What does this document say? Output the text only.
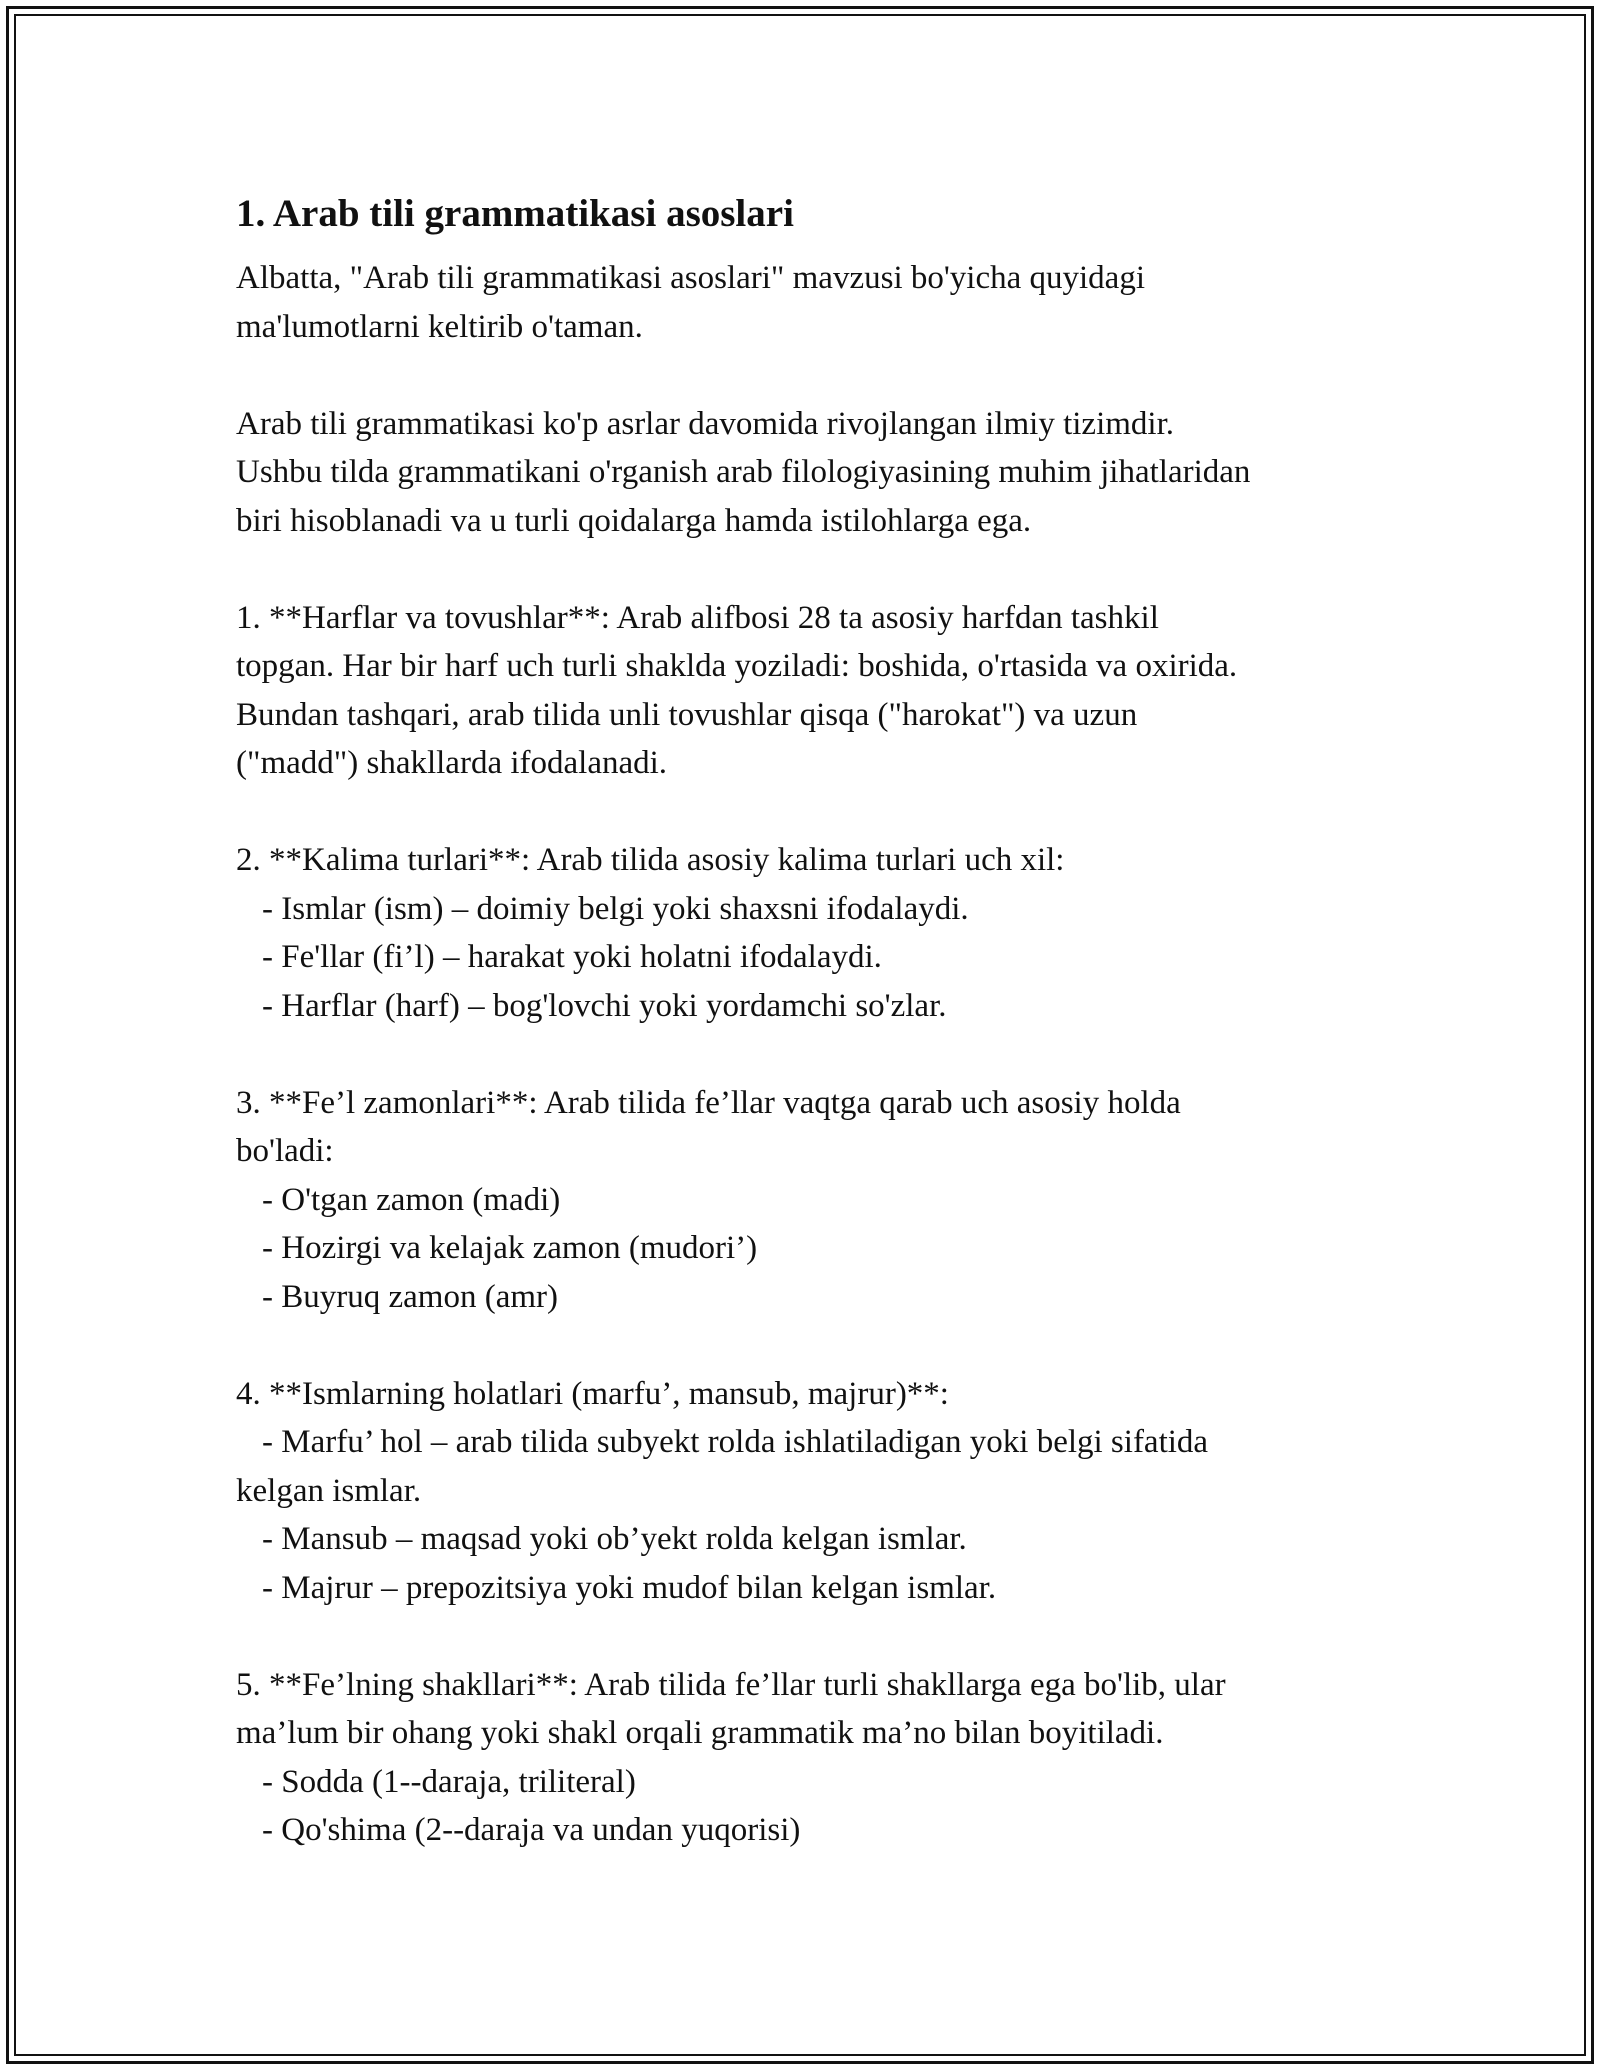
1. Arab tili grammatikasi asoslari

Albatta, "Arab tili grammatikasi asoslari" mavzusi bo'yicha quyidagi

ma'lumotlarni keltirib o'taman.

Arab tili grammatikasi ko'p asrlar davomida rivojlangan ilmiy tizimdir.

Ushbu tilda grammatikani o'rganish arab filologiyasining muhim jihatlaridan

biri hisoblanadi va u turli qoidalarga hamda istilohlarga ega.

1. **Harflar va tovushlar**: Arab alifbosi 28 ta asosiy harfdan tashkil

topgan. Har bir harf uch turli shaklda yoziladi: boshida, o'rtasida va oxirida.

Bundan tashqari, arab tilida unli tovushlar qisqa ("harokat") va uzun

("madd") shakllarda ifodalanadi.

2. **Kalima turlari**: Arab tilida asosiy kalima turlari uch xil:

- Ismlar (ism) – doimiy belgi yoki shaxsni ifodalaydi.

- Fe'llar (fi’l) – harakat yoki holatni ifodalaydi.

- Harflar (harf) – bog'lovchi yoki yordamchi so'zlar.

3. **Fe’l zamonlari**: Arab tilida fe’llar vaqtga qarab uch asosiy holda

bo'ladi:

- O'tgan zamon (madi)

- Hozirgi va kelajak zamon (mudori’)

- Buyruq zamon (amr)

4. **Ismlarning holatlari (marfu’, mansub, majrur)**:

- Marfu’ hol – arab tilida subyekt rolda ishlatiladigan yoki belgi sifatida

kelgan ismlar.

- Mansub – maqsad yoki ob’yekt rolda kelgan ismlar.

- Majrur – prepozitsiya yoki mudof bilan kelgan ismlar.

5. **Fe’lning shakllari**: Arab tilida fe’llar turli shakllarga ega bo'lib, ular

ma’lum bir ohang yoki shakl orqali grammatik ma’no bilan boyitiladi.

- Sodda (1--daraja, triliteral)

- Qo'shima (2--daraja va undan yuqorisi)
